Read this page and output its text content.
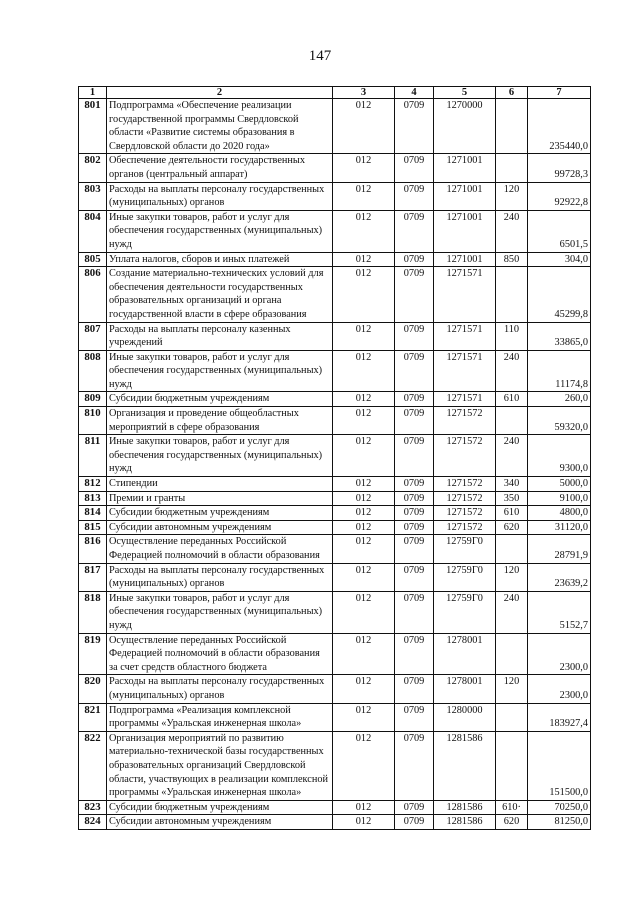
147
1	2	3	4	5	6	7
801	Подпрограмма «Обеспечение реализации государственной программы Свердловской области «Развитие системы образования в Свердловской области до 2020 года»	012	0709	1270000		235440,0
802	Обеспечение деятельности государственных органов (центральный аппарат)	012	0709	1271001		99728,3
803	Расходы на выплаты персоналу государственных (муниципальных) органов	012	0709	1271001	120	92922,8
804	Иные закупки товаров, работ и услуг для обеспечения государственных (муниципальных) нужд	012	0709	1271001	240	6501,5
805	Уплата налогов, сборов и иных платежей	012	0709	1271001	850	304,0
806	Создание материально-технических условий для обеспечения деятельности государственных образовательных организаций и органа государственной власти в сфере образования	012	0709	1271571		45299,8
807	Расходы на выплаты персоналу казенных учреждений	012	0709	1271571	110	33865,0
808	Иные закупки товаров, работ и услуг для обеспечения государственных (муниципальных) нужд	012	0709	1271571	240	11174,8
809	Субсидии бюджетным учреждениям	012	0709	1271571	610	260,0
810	Организация и проведение общеобластных мероприятий в сфере образования	012	0709	1271572		59320,0
811	Иные закупки товаров, работ и услуг для обеспечения государственных (муниципальных) нужд	012	0709	1271572	240	9300,0
812	Стипендии	012	0709	1271572	340	5000,0
813	Премии и гранты	012	0709	1271572	350	9100,0
814	Субсидии бюджетным учреждениям	012	0709	1271572	610	4800,0
815	Субсидии автономным учреждениям	012	0709	1271572	620	31120,0
816	Осуществление переданных Российской Федерацией полномочий в области образования	012	0709	12759Г0		28791,9
817	Расходы на выплаты персоналу государственных (муниципальных) органов	012	0709	12759Г0	120	23639,2
818	Иные закупки товаров, работ и услуг для обеспечения государственных (муниципальных) нужд	012	0709	12759Г0	240	5152,7
819	Осуществление переданных Российской Федерацией полномочий в области образования за счет средств областного бюджета	012	0709	1278001		2300,0
820	Расходы на выплаты персоналу государственных (муниципальных) органов	012	0709	1278001	120	2300,0
821	Подпрограмма «Реализация комплексной программы «Уральская инженерная школа»	012	0709	1280000		183927,4
822	Организация мероприятий по развитию материально-технической базы государственных образовательных организаций Свердловской области, участвующих в реализации комплексной программы «Уральская инженерная школа»	012	0709	1281586		151500,0
823	Субсидии бюджетным учреждениям	012	0709	1281586	610·	70250,0
824	Субсидии автономным учреждениям	012	0709	1281586	620	81250,0
